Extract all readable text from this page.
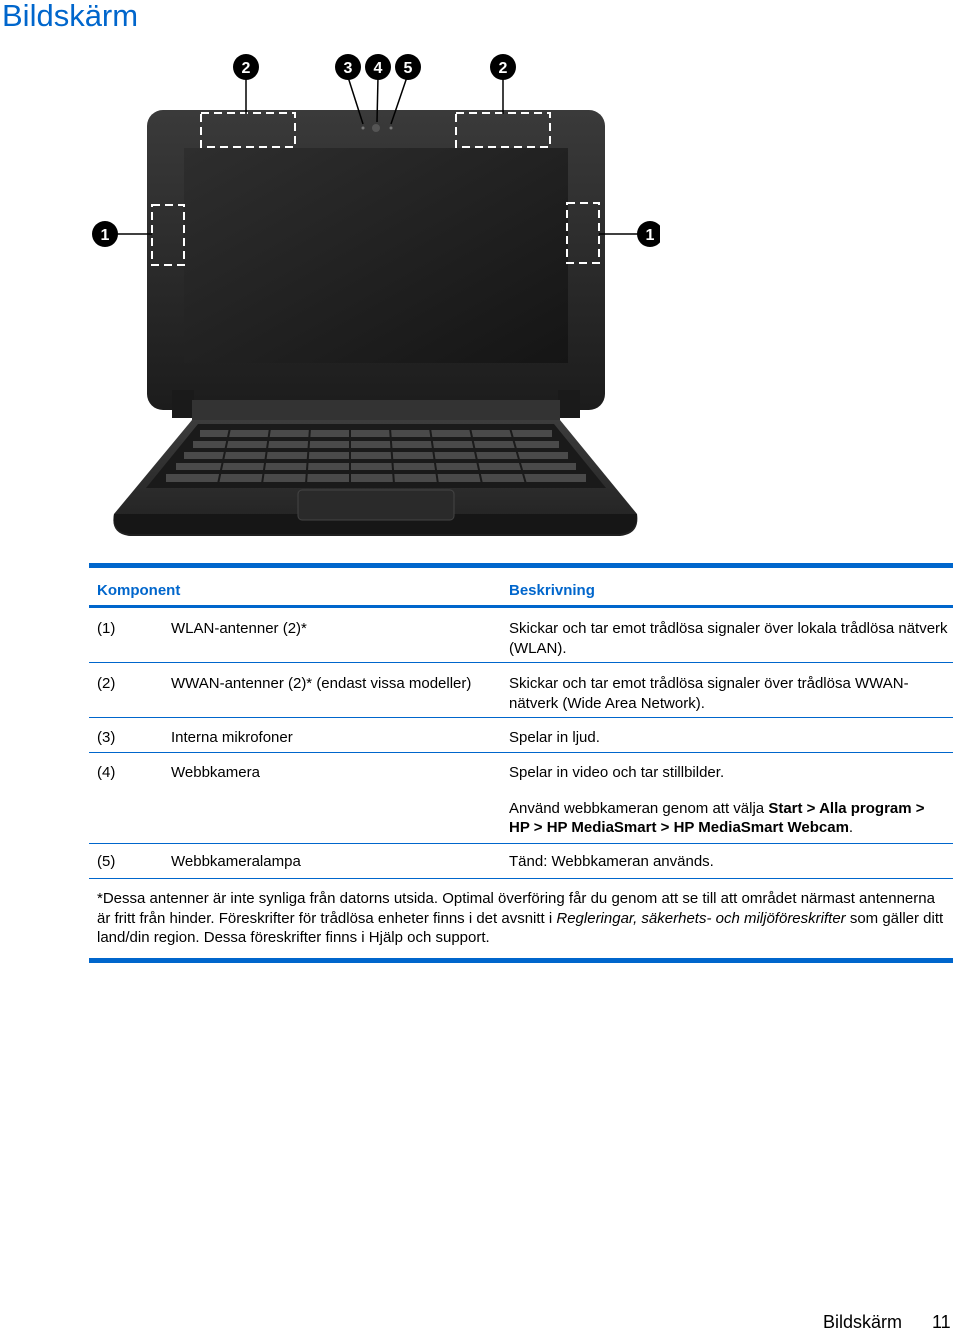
Bildskärm
1	1
2	2
3 4 5
Komponent	Beskrivning
(1)	WLAN-antenner (2)*	Skickar och tar emot trådlösa signaler över lokala trådlösa nätverk (WLAN).

(2)	WWAN-antenner (2)* (endast vissa modeller)	Skickar och tar emot trådlösa signaler över trådlösa WWAN-nätverk (Wide Area Network).

(3)	Interna mikrofoner	Spelar in ljud.

(4)	Webbkamera	Spelar in video och tar stillbilder.

Använd webbkameran genom att välja Start > Alla program > HP > HP MediaSmart > HP MediaSmart Webcam.

(5)	Webbkameralampa	Tänd: Webbkameran används.

*Dessa antenner är inte synliga från datorns utsida. Optimal överföring får du genom att se till att området närmast antennerna är fritt från hinder. Föreskrifter för trådlösa enheter finns i det avsnitt i Regleringar, säkerhets- och miljöföreskrifter som gäller ditt land/din region. Dessa föreskrifter finns i Hjälp och support.
Bildskärm 11
